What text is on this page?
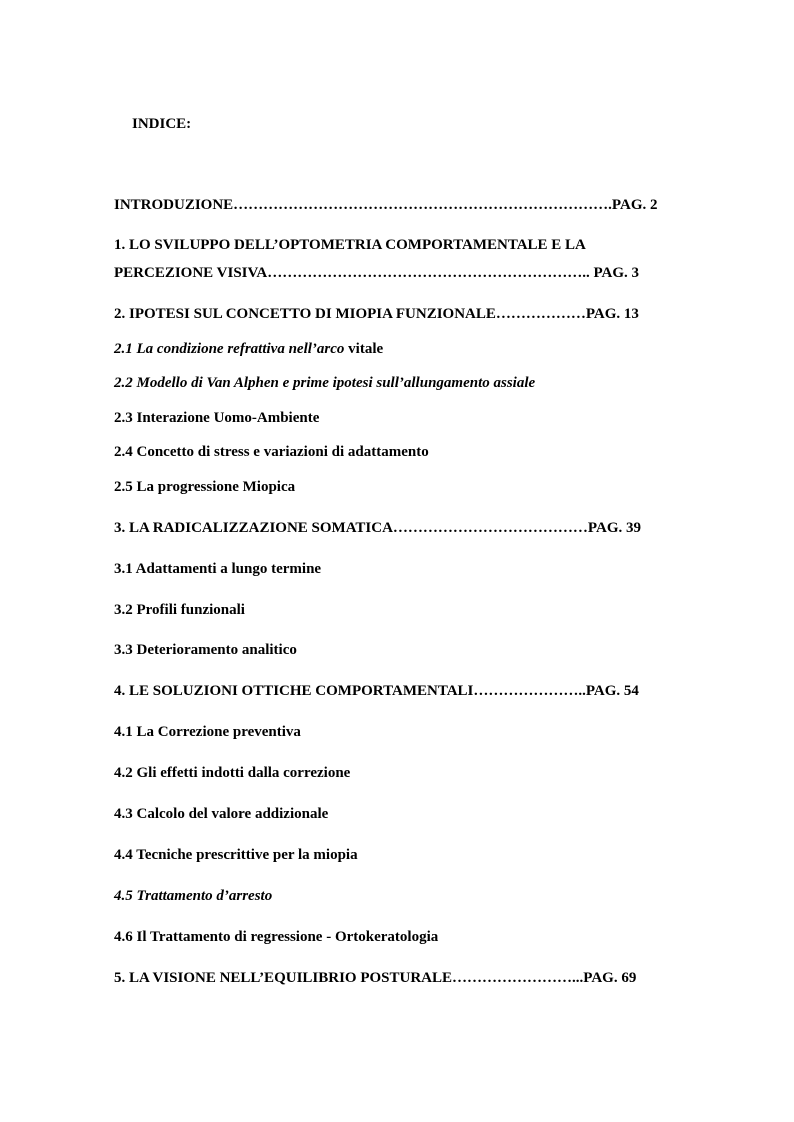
INDICE:
INTRODUZIONE………………………………………………………………….PAG. 2
1. LO SVILUPPO DELL’OPTOMETRIA COMPORTAMENTALE E LA
PERCEZIONE VISIVA……………………………………………………….. PAG. 3
2. IPOTESI SUL CONCETTO DI MIOPIA FUNZIONALE………………PAG. 13
2.1 La condizione refrattiva nell’arco vitale
2.2 Modello di Van Alphen e prime ipotesi sull’allungamento assiale
2.3 Interazione Uomo-Ambiente
2.4 Concetto di stress e variazioni di adattamento
2.5 La progressione Miopica
3. LA RADICALIZZAZIONE SOMATICA…………………………………PAG. 39
3.1 Adattamenti a lungo termine
3.2 Profili funzionali
3.3 Deterioramento analitico
4. LE SOLUZIONI OTTICHE COMPORTAMENTALI…………………..PAG. 54
4.1 La Correzione preventiva
4.2 Gli effetti indotti dalla correzione
4.3 Calcolo del valore addizionale
4.4 Tecniche prescrittive per la miopia
4.5 Trattamento d’arresto
4.6 Il Trattamento di regressione - Ortokeratologia
5. LA VISIONE NELL’EQUILIBRIO POSTURALE……………………...PAG. 69
